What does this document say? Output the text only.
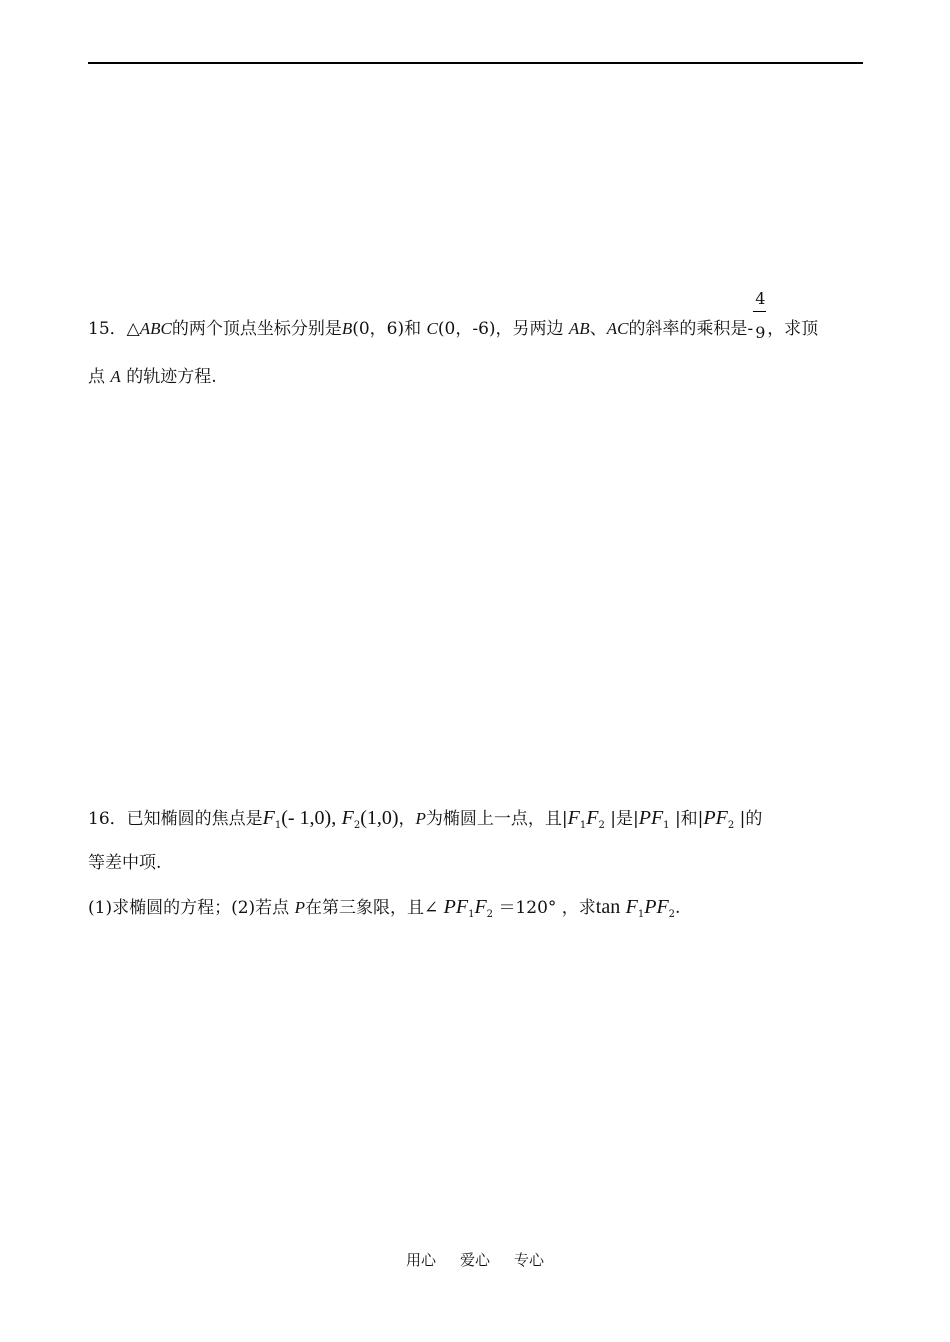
15．△ABC的两个顶点坐标分别是B(0，6)和 C(0，-6)，另两边 AB、AC的斜率的乘积是- $\frac{4}{9}$ ，求顶
点 A 的轨迹方程.
16．已知椭圆的焦点是$F_1(-$ 1,0), $F_2(1,0)$，P为椭圆上一点，且$|F_1F_2$ |是$|PF_1$ |和$|PF_2$ |的
等差中项.
(1)求椭圆的方程；(2)若点 P在第三象限，且∠ $PF_1F_2 =120^\circ$ ，求$\tan F_1PF_2$.
用心 爱心 专心
